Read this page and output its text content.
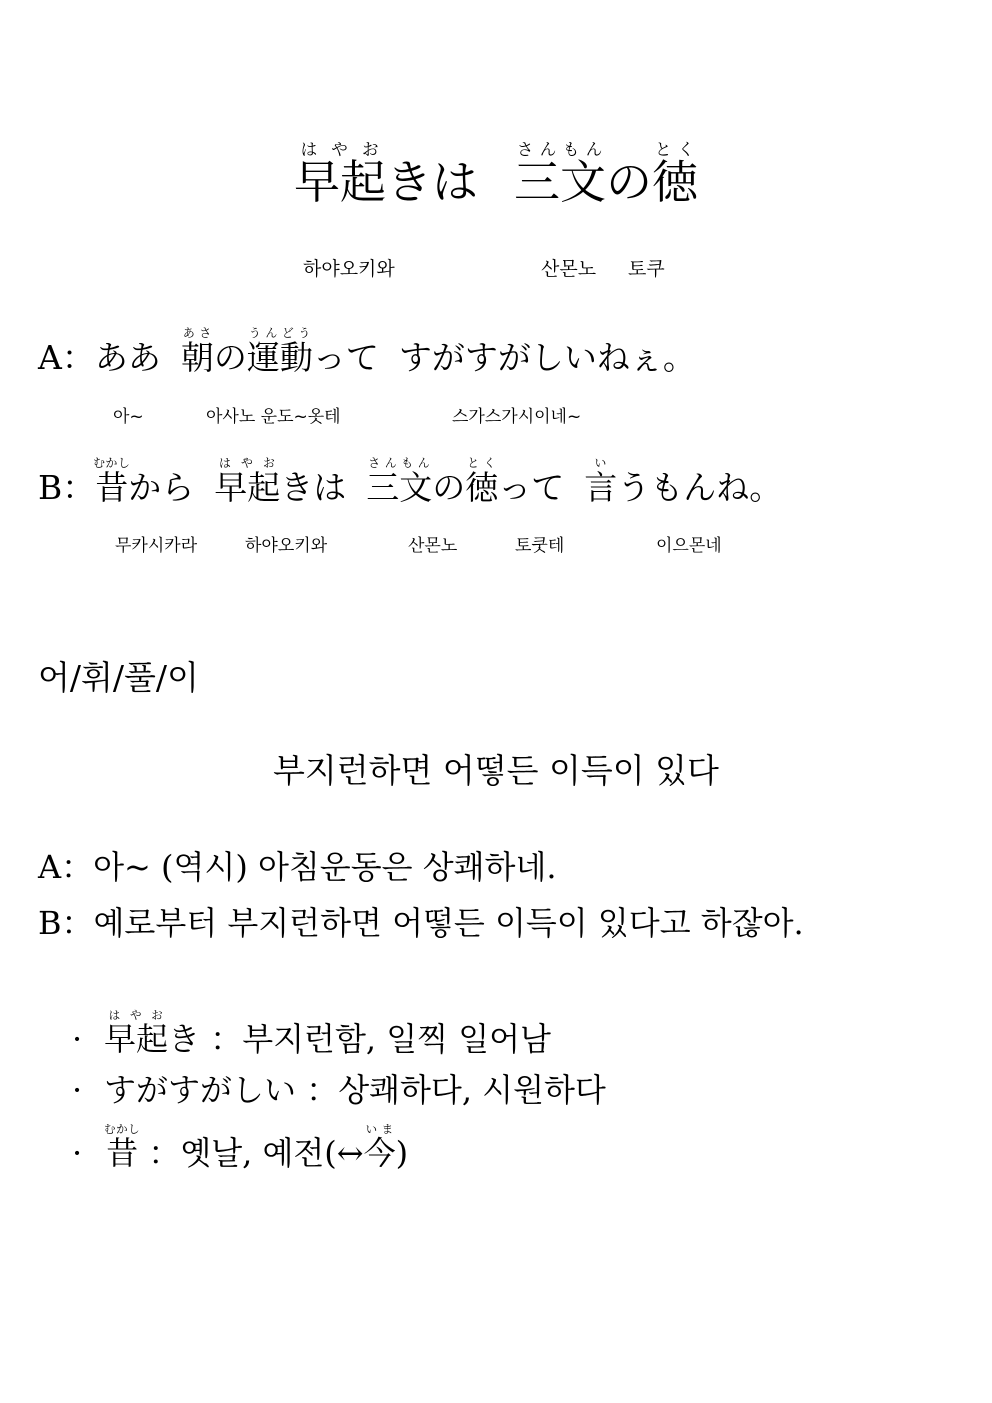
早起はやおきは 三文さんもんの徳とく
하야오키와	산몬노 토쿠
A：ああ 朝あさの運動うんどうって すがすがしいねぇ。
아~	아사노 운도~옷테	스가스가시이네~
B：昔むかしから 早起はやおきは 三文さんもんの徳とくって 言いうもんね。
무카시카라	하야오키와	산몬노	토쿳테	이으몬네
어/휘/풀/이
부지런하면 어떻든 이득이 있다
A：아~ (역시) 아침운동은 상쾌하네.
B：예로부터 부지런하면 어떻든 이득이 있다고 하잖아.
· 早起はやおき ：부지런함, 일찍 일어남
· すがすがしい ：상쾌하다, 시원하다
· 昔むかし ：옛날, 예전(↔今いま)
